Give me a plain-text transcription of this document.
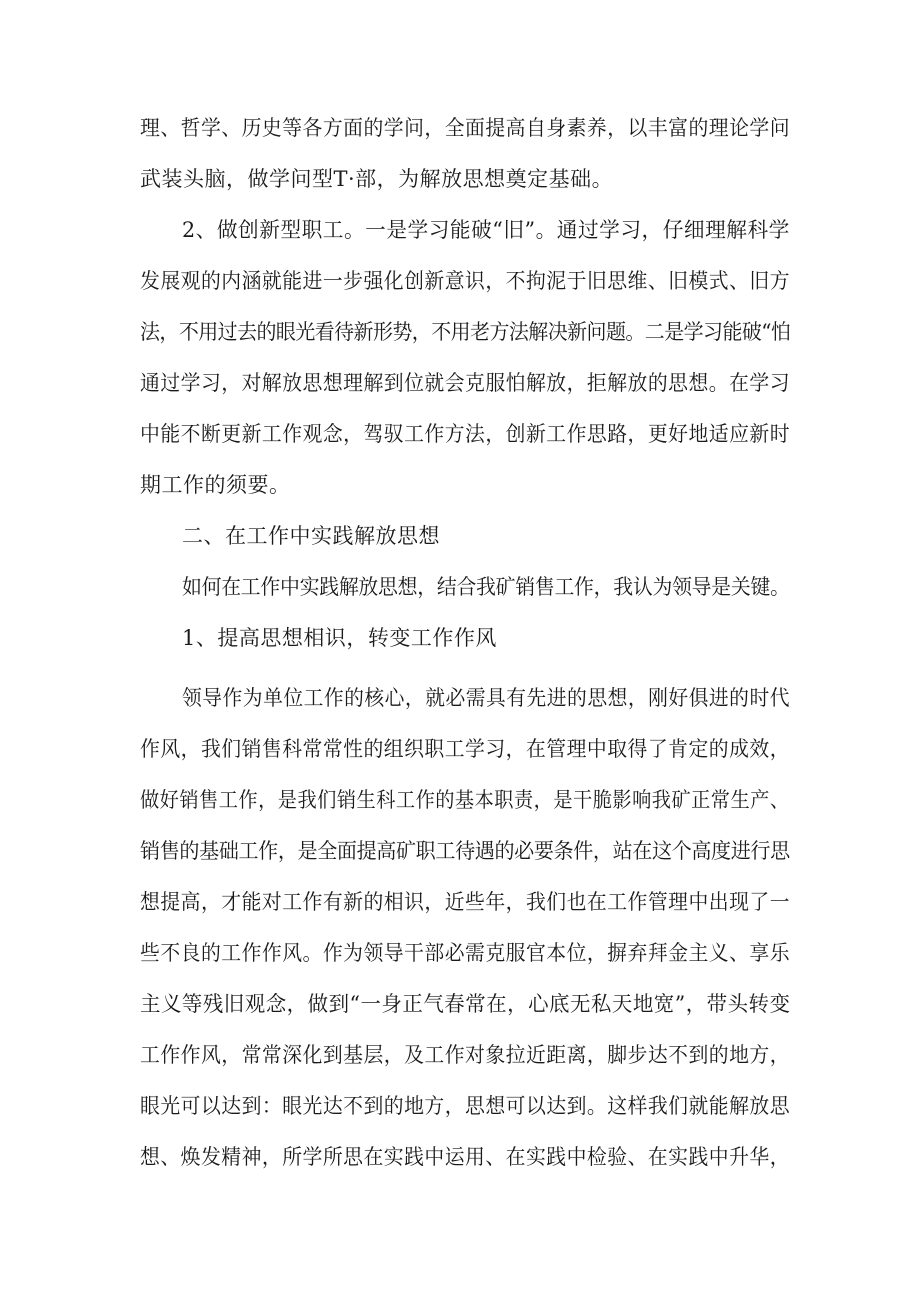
理、哲学、历史等各方面的学问，全面提高自身素养，以丰富的理论学问
武装头脑，做学问型T·部，为解放思想奠定基础。
2、做创新型职工。一是学习能破“旧”。通过学习，仔细理解科学
发展观的内涵就能进一步强化创新意识，不拘泥于旧思维、旧模式、旧方
法，不用过去的眼光看待新形势，不用老方法解决新问题。二是学习能破“怕
通过学习，对解放思想理解到位就会克服怕解放，拒解放的思想。在学习
中能不断更新工作观念，驾驭工作方法，创新工作思路，更好地适应新时
期工作的须要。
二、在工作中实践解放思想
如何在工作中实践解放思想，结合我矿销售工作，我认为领导是关键。
1、提高思想相识，转变工作作风
领导作为单位工作的核心，就必需具有先进的思想，刚好俱进的时代
作风，我们销售科常常性的组织职工学习，在管理中取得了肯定的成效，
做好销售工作，是我们销生科工作的基本职责，是干脆影响我矿正常生产、
销售的基础工作，是全面提高矿职工待遇的必要条件，站在这个高度进行思
想提高，才能对工作有新的相识，近些年，我们也在工作管理中出现了一
些不良的工作作风。作为领导干部必需克服官本位，摒弃拜金主义、享乐
主义等残旧观念，做到“一身正气春常在，心底无私天地宽”，带头转变
工作作风，常常深化到基层，及工作对象拉近距离，脚步达不到的地方，
眼光可以达到：眼光达不到的地方，思想可以达到。这样我们就能解放思
想、焕发精神，所学所思在实践中运用、在实践中检验、在实践中升华，
